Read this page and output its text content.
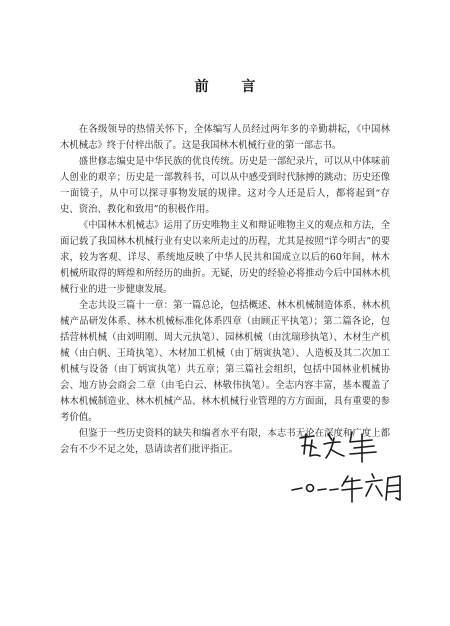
前 言

在各级领导的热情关怀下，全体编写人员经过两年多的辛勤耕耘，《中国林木机械志》终于付梓出版了。这是我国林木机械行业的第一部志书。

盛世修志编史是中华民族的优良传统。历史是一部纪录片，可以从中体味前人创业的艰辛；历史是一部教科书，可以从中感受到时代脉搏的跳动；历史还像一面镜子，从中可以探寻事物发展的规律。这对今人还是后人，都将起到“存史、资治、教化和致用”的积极作用。

《中国林木机械志》运用了历史唯物主义和辩证唯物主义的观点和方法，全面记载了我国林木机械行业有史以来所走过的历程，尤其是按照“详今明古”的要求，较为客观、详尽、系统地反映了中华人民共和国成立以后的60年间，林木机械所取得的辉煌和所经历的曲折。无疑，历史的经验必将推动今后中国林木机械行业的进一步健康发展。

全志共设三篇十一章：第一篇总论，包括概述、林木机械制造体系、林木机械产品研发体系、林木机械标准化体系四章（由顾正平执笔）；第二篇各论，包括营林机械（由刘明刚、周大元执笔）、园林机械（由沈瑞珍执笔）、木材生产机械（由白帆、王琦执笔）、木材加工机械（由丁炳寅执笔）、人造板及其二次加工机械与设备（由丁炳寅执笔）共五章；第三篇社会组织，包括中国林业机械协会、地方协会商会二章（由毛白云、林敬伟执笔）。全志内容丰富，基本覆盖了林木机械制造业、林木机械产品、林木机械行业管理的方方面面，具有重要的参考价值。

但鉴于一些历史资料的缺失和编者水平有限，本志书无论在深度和广度上都会有不少不足之处，恳请读者们批评指正。
